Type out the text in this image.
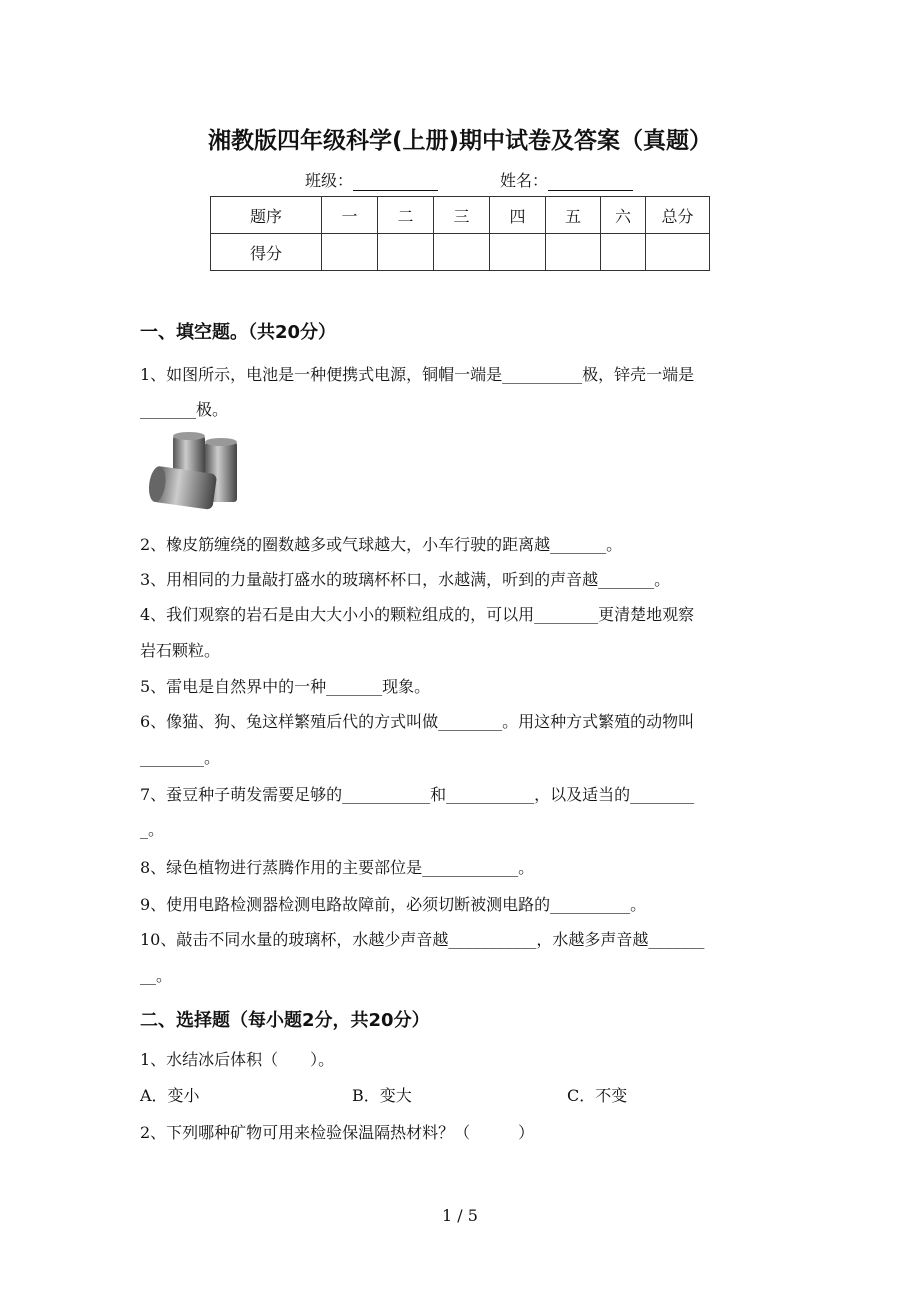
湘教版四年级科学(上册)期中试卷及答案（真题）
班级：	姓名：
题序	一	二	三	四	五	六	总分
得分							
一、填空题。（共20分）
1、如图所示，电池是一种便携式电源，铜帽一端是__________极，锌壳一端是
_______极。
2、橡皮筋缠绕的圈数越多或气球越大，小车行驶的距离越_______。
3、用相同的力量敲打盛水的玻璃杯杯口，水越满，听到的声音越_______。
4、我们观察的岩石是由大大小小的颗粒组成的，可以用________更清楚地观察
岩石颗粒。
5、雷电是自然界中的一种_______现象。
6、像猫、狗、兔这样繁殖后代的方式叫做________。用这种方式繁殖的动物叫
________。
7、蚕豆种子萌发需要足够的___________和___________，以及适当的________
_。
8、绿色植物进行蒸腾作用的主要部位是____________。
9、使用电路检测器检测电路故障前，必须切断被测电路的__________。
10、敲击不同水量的玻璃杯，水越少声音越___________，水越多声音越_______
__。
二、选择题（每小题2分，共20分）
1、水结冰后体积（　　）。
A．变小	B．变大	C．不变
2、下列哪种矿物可用来检验保温隔热材料？（　　　）
1 / 5
